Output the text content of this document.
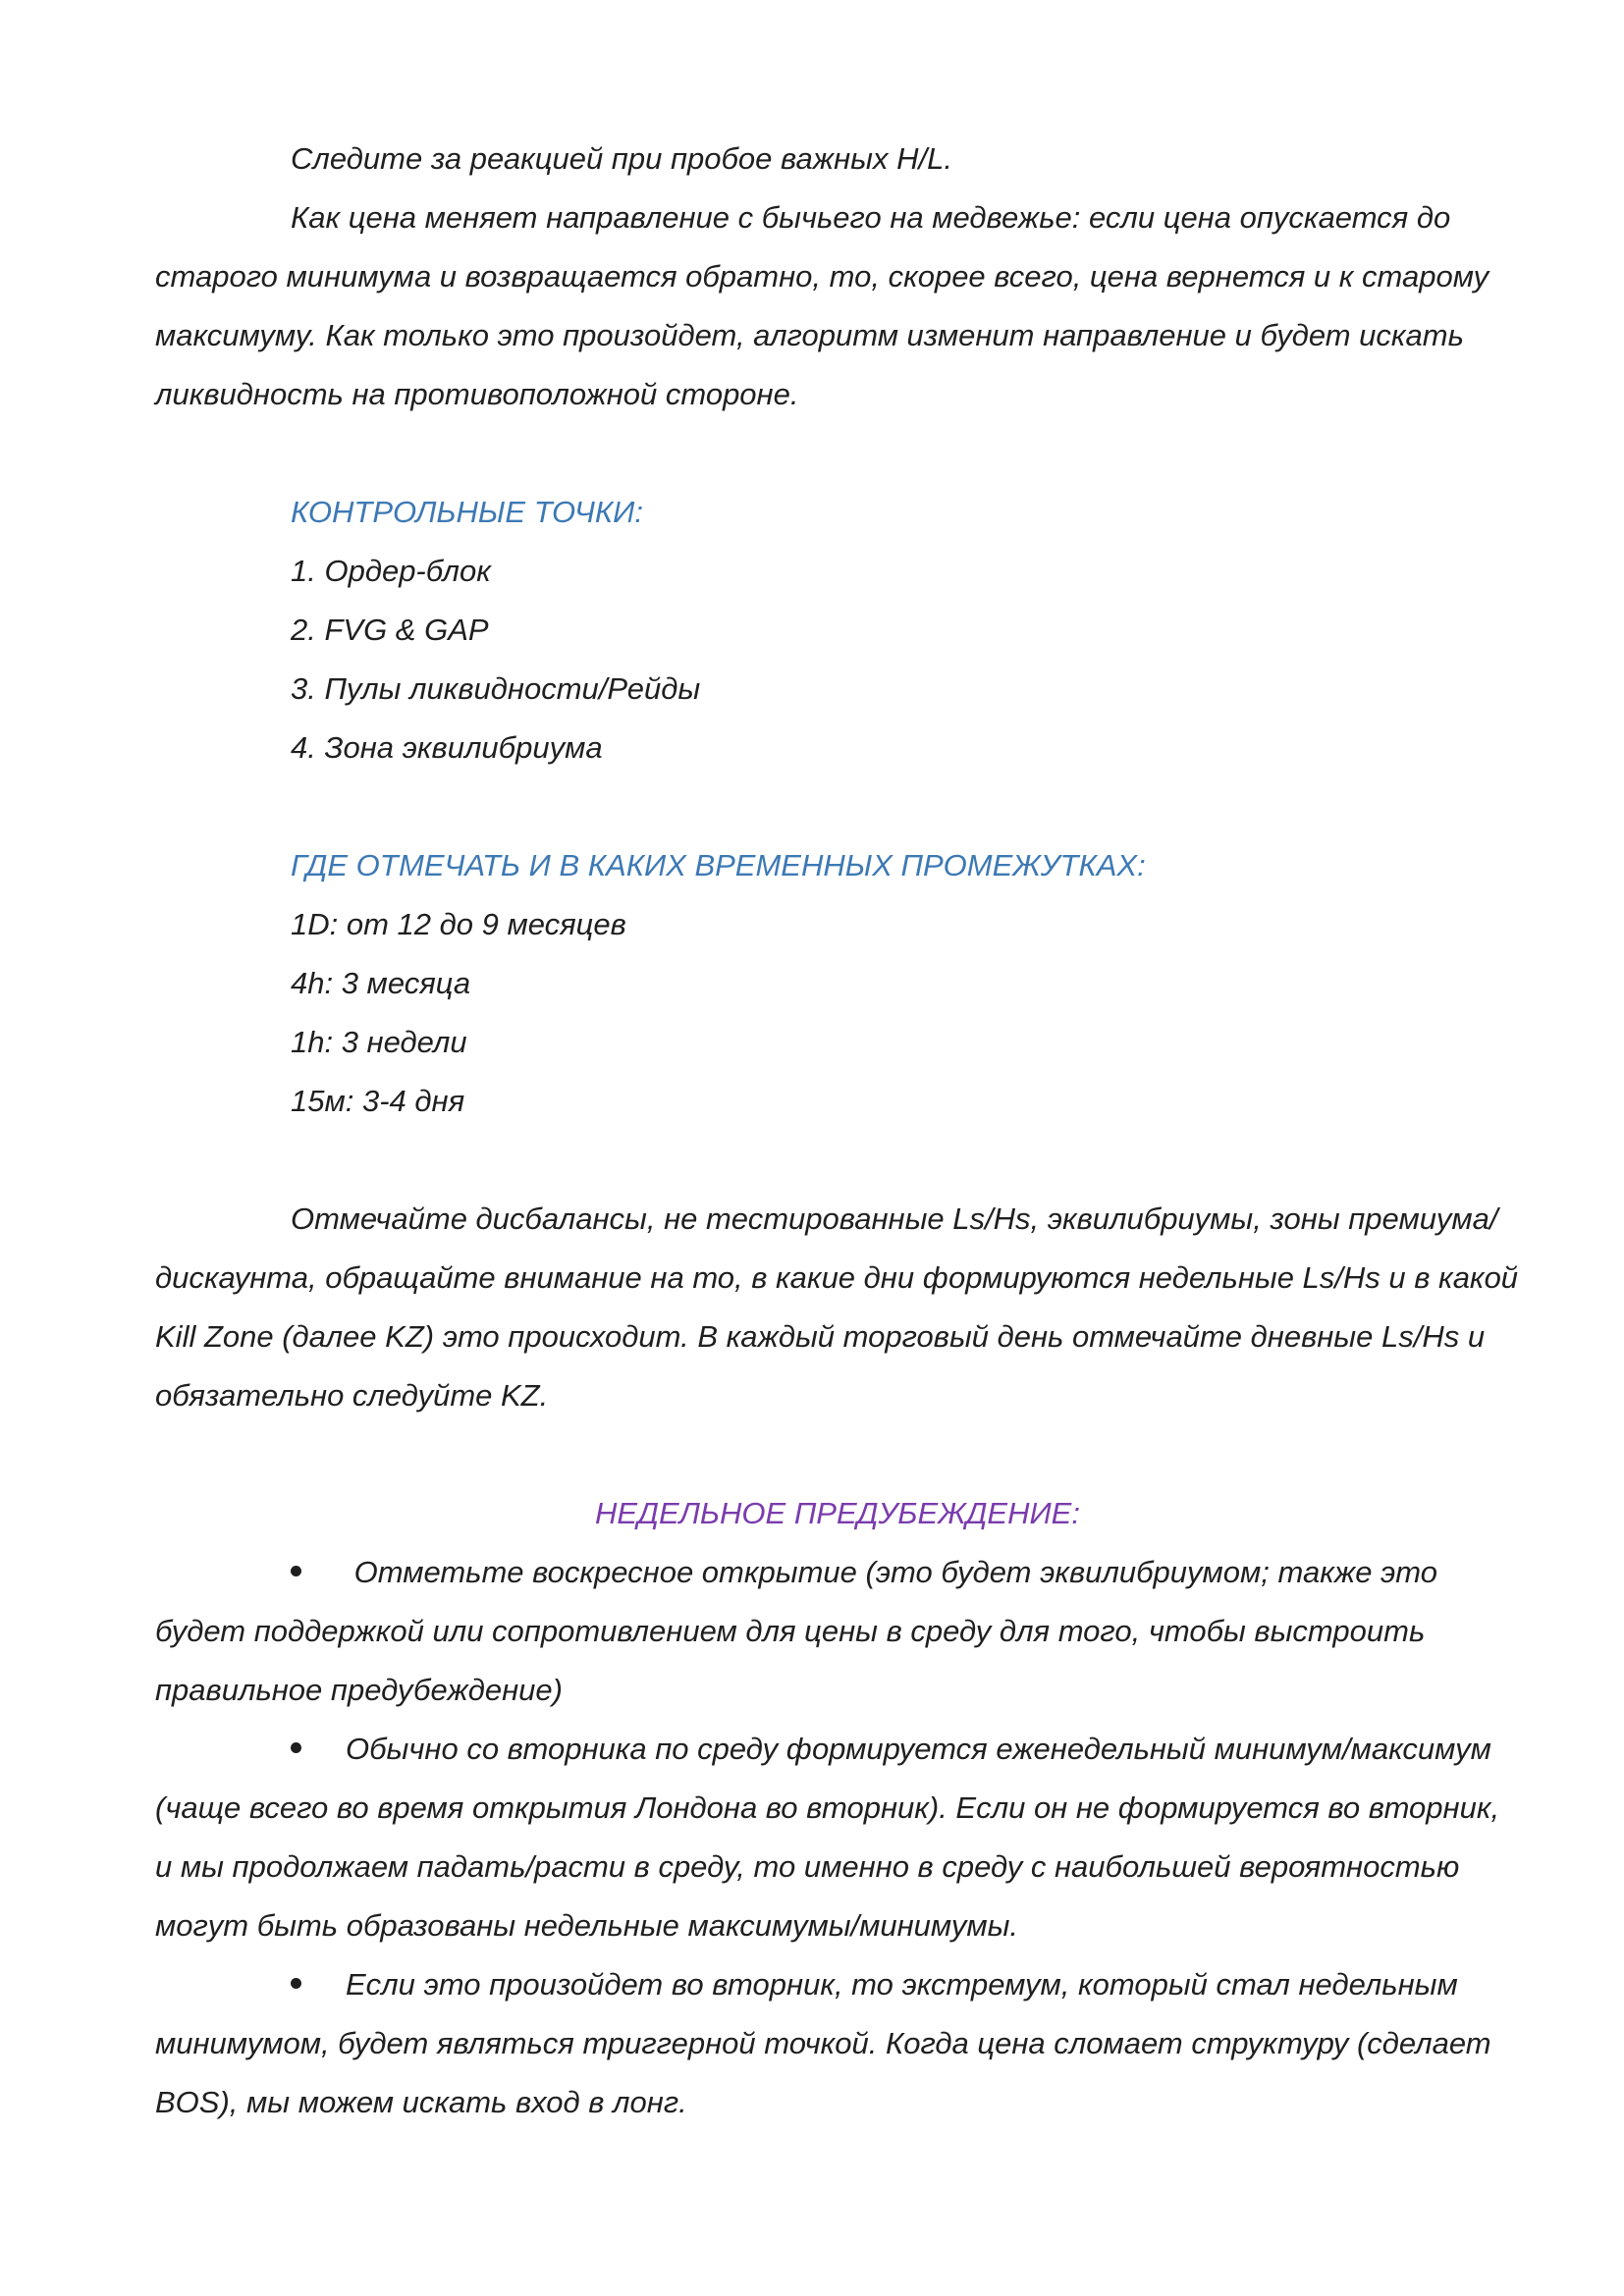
Следите за реакцией при пробое важных H/L.

Как цена меняет направление с бычьего на медвежье: если цена опускается до старого минимума и возвращается обратно, то, скорее всего, цена вернется и к старому максимуму. Как только это произойдет, алгоритм изменит направление и будет искать ликвидность на противоположной стороне.

КОНТРОЛЬНЫЕ ТОЧКИ:

1. Ордер-блок

2. FVG & GAP

3. Пулы ликвидности/Рейды

4. Зона эквилибриума

ГДЕ ОТМЕЧАТЬ И В КАКИХ ВРЕМЕННЫХ ПРОМЕЖУТКАХ:

1D: от 12 до 9 месяцев

4h: 3 месяца

1h: 3 недели

15м: 3-4 дня

Отмечайте дисбалансы, не тестированные Ls/Hs, эквилибриумы, зоны премиума/дискаунта, обращайте внимание на то, в какие дни формируются недельные Ls/Hs и в какой Kill Zone (далее KZ) это происходит. В каждый торговый день отмечайте дневные Ls/Hs и обязательно следуйте KZ.

НЕДЕЛЬНОЕ ПРЕДУБЕЖДЕНИЕ:

Отметьте воскресное открытие (это будет эквилибриумом; также это будет поддержкой или сопротивлением для цены в среду для того, чтобы выстроить правильное предубеждение)

Обычно со вторника по среду формируется еженедельный минимум/максимум (чаще всего во время открытия Лондона во вторник). Если он не формируется во вторник, и мы продолжаем падать/расти в среду, то именно в среду с наибольшей вероятностью могут быть образованы недельные максимумы/минимумы.

Если это произойдет во вторник, то экстремум, который стал недельным минимумом, будет являться триггерной точкой. Когда цена сломает структуру (сделает BOS), мы можем искать вход в лонг.
